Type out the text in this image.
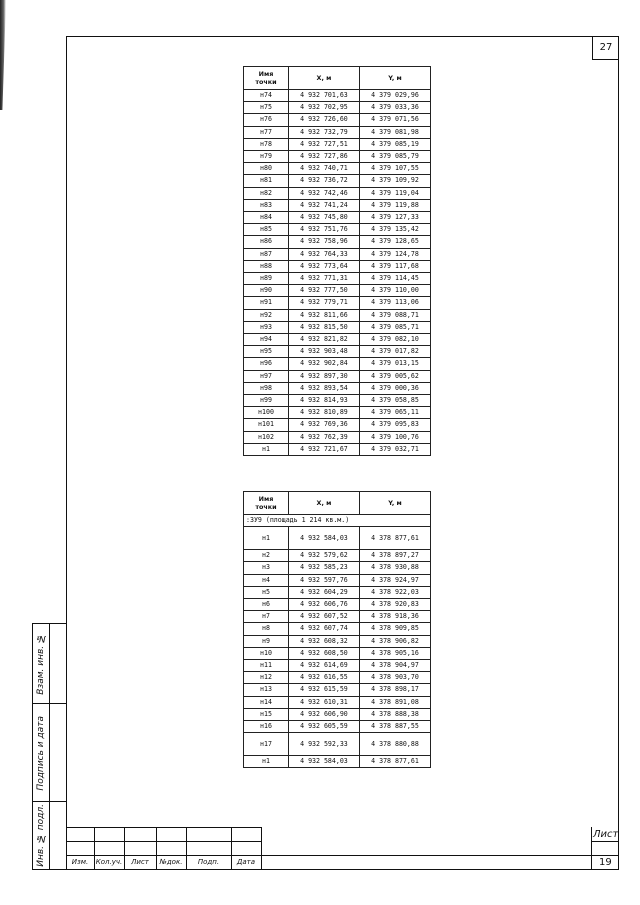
27
Имя
точки	X, м	Y, м
н74	4 932 701,63	4 379 029,96
н75	4 932 702,95	4 379 033,36
н76	4 932 726,60	4 379 071,56
н77	4 932 732,79	4 379 081,98
н78	4 932 727,51	4 379 085,19
н79	4 932 727,86	4 379 085,79
н80	4 932 740,71	4 379 107,55
н81	4 932 736,72	4 379 109,92
н82	4 932 742,46	4 379 119,04
н83	4 932 741,24	4 379 119,88
н84	4 932 745,80	4 379 127,33
н85	4 932 751,76	4 379 135,42
н86	4 932 758,96	4 379 128,65
н87	4 932 764,33	4 379 124,78
н88	4 932 773,64	4 379 117,68
н89	4 932 771,31	4 379 114,45
н90	4 932 777,50	4 379 110,00
н91	4 932 779,71	4 379 113,06
н92	4 932 811,66	4 379 088,71
н93	4 932 815,50	4 379 085,71
н94	4 932 821,82	4 379 082,10
н95	4 932 903,48	4 379 017,82
н96	4 932 902,84	4 379 013,15
н97	4 932 897,30	4 379 005,62
н98	4 932 893,54	4 379 000,36
н99	4 932 814,93	4 379 058,85
н100	4 932 810,89	4 379 065,11
н101	4 932 769,36	4 379 095,83
н102	4 932 762,39	4 379 100,76
н1	4 932 721,67	4 379 032,71
Имя
точки	X, м	Y, м
:ЗУ9 (площадь 1 214 кв.м.)		
н1	4 932 584,03	4 378 877,61
н2	4 932 579,62	4 378 897,27
н3	4 932 585,23	4 378 930,88
н4	4 932 597,76	4 378 924,97
н5	4 932 604,29	4 378 922,03
н6	4 932 606,76	4 378 920,83
н7	4 932 607,52	4 378 918,36
н8	4 932 607,74	4 378 909,85
н9	4 932 608,32	4 378 906,82
н10	4 932 608,50	4 378 905,16
н11	4 932 614,69	4 378 904,97
н12	4 932 616,55	4 378 903,70
н13	4 932 615,59	4 378 898,17
н14	4 932 610,31	4 378 891,08
н15	4 932 606,90	4 378 888,38
н16	4 932 605,59	4 378 887,55
н17	4 932 592,33	4 378 880,88
н1	4 932 584,03	4 378 877,61
Взам. инв. №
Подпись и дата
Инв. № подл.	Изм.	Кол.уч.	Лист	№док.	Подп.	Дата
Лист
19
